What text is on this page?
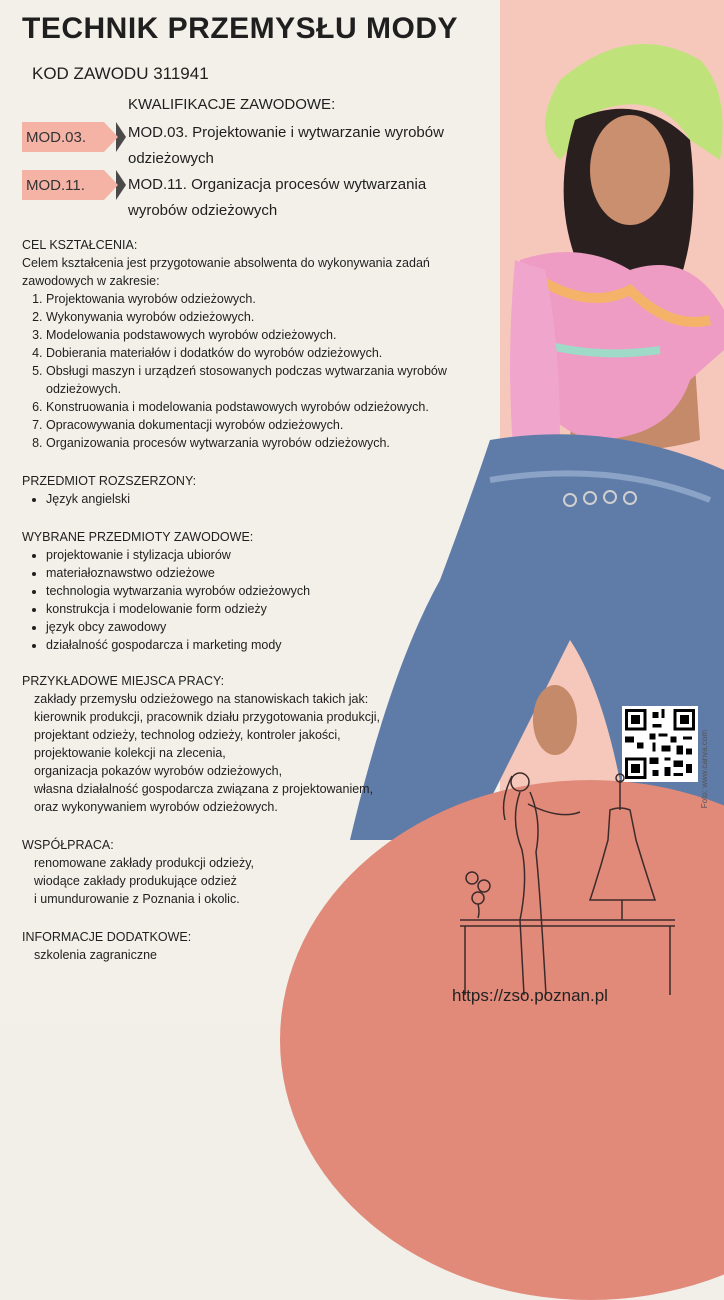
TECHNIK PRZEMYSŁU MODY
KOD ZAWODU 311941
KWALIFIKACJE ZAWODOWE:
MOD.03.	MOD.03. Projektowanie i wytwarzanie wyrobów
odzieżowych
MOD.11.	MOD.11. Organizacja procesów wytwarzania
wyrobów odzieżowych
CEL KSZTAŁCENIA:
Celem kształcenia jest przygotowanie absolwenta do wykonywania zadań
zawodowych w zakresie:
1. Projektowania wyrobów odzieżowych.
2. Wykonywania wyrobów odzieżowych.
3. Modelowania podstawowych wyrobów odzieżowych.
4. Dobierania materiałów i dodatków do wyrobów odzieżowych.
5. Obsługi maszyn i urządzeń stosowanych podczas wytwarzania wyrobów odzieżowych.
6. Konstruowania i modelowania podstawowych wyrobów odzieżowych.
7. Opracowywania dokumentacji wyrobów odzieżowych.
8. Organizowania procesów wytwarzania wyrobów odzieżowych.
PRZEDMIOT ROZSZERZONY:
• Język angielski
WYBRANE PRZEDMIOTY ZAWODOWE:
• projektowanie i stylizacja ubiorów
• materiałoznawstwo odzieżowe
• technologia wytwarzania wyrobów odzieżowych
• konstrukcja i modelowanie form odzieży
• język obcy zawodowy
• działalność gospodarcza i marketing mody
PRZYKŁADOWE MIEJSCA PRACY:
zakłady przemysłu odzieżowego na stanowiskach takich jak:
kierownik produkcji, pracownik działu przygotowania produkcji,
projektant odzieży, technolog odzieży, kontroler jakości,
projektowanie kolekcji na zlecenia,
organizacja pokazów wyrobów odzieżowych,
własna działalność gospodarcza związana z projektowaniem,
oraz wykonywaniem wyrobów odzieżowych.
WSPÓŁPRACA:
renomowane zakłady produkcji odzieży,
wiodące zakłady produkujące odzież
i umundurowanie z Poznania i okolic.
INFORMACJE DODATKOWE:
szkolenia zagraniczne
Foto: www.canva.com
https://zso.poznan.pl
